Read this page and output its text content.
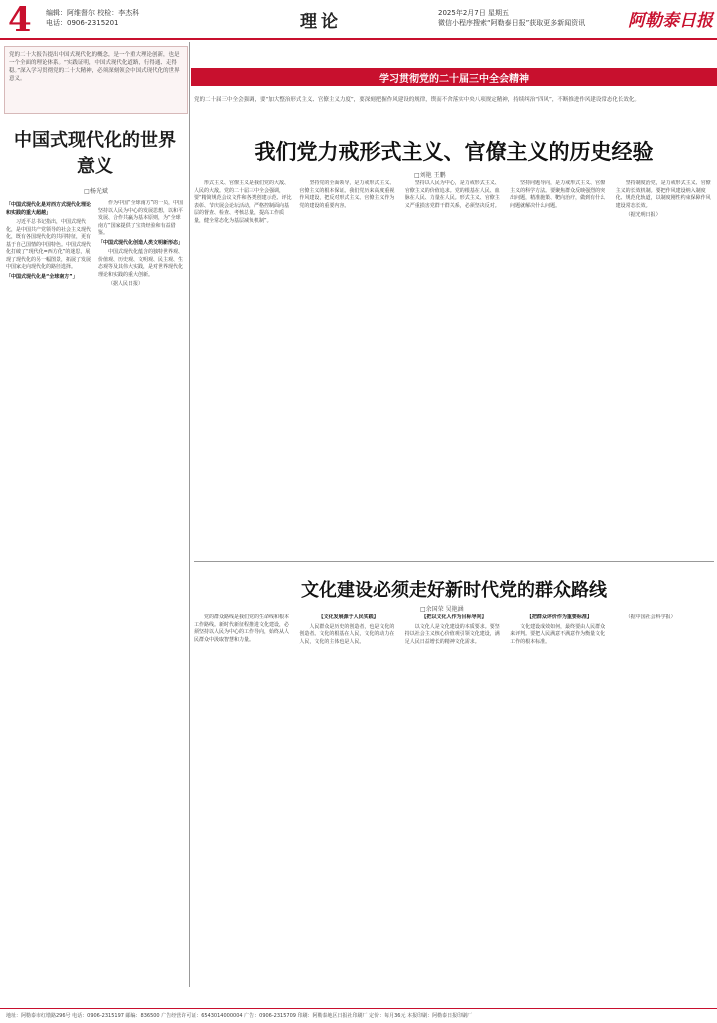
4 编辑：阿维督尔 校检：李杰科
电话：0906-2315201	理论	2025年2月7日 星期五
微信小程序搜索“阿勒泰日报”获取更多新闻资讯	阿勒泰日报
党的二十大报告提出中国式现代化的概念，是一个重大理论创新，也是一个全面的理论体系。“实践证明，中国式现代化道路，行得通、走得稳。”深入学习贯彻党的二十大精神，必须深刻领会中国式现代化的世界意义。
中国式现代化的世界意义
□杨光斌
「中国式现代化是对西方式现代化理论和实践的重大超越」

习近平总书记指出，中国式现代化，是中国共产党领导的社会主义现代化，既有各国现代化的共同特征，更有基于自己国情的中国特色。中国式现代化打破了“现代化=西方化”的迷思，展现了现代化的另一幅图景，拓展了发展中国家走向现代化的路径选择。

「中国式现代化是“全球南方”」

作为中国“全球南方”的一员，中国坚持以人民为中心的发展思想，以和平发展、合作共赢为基本原则，为“全球南方”国家提供了宝贵经验和有益借鉴。

「中国式现代化创造人类文明新形态」

中国式现代化蕴含的独特世界观、价值观、历史观、文明观、民主观、生态观等及其伟大实践，是对世界现代化理论和实践的重大创新。

（据人民日报）

学习贯彻党的二十届三中全会精神
党的二十届三中全会强调，要“加大整治形式主义、官僚主义力度”，要深刻把握作风建设的规律，锲而不舍落实中央八项规定精神，持续纠治“四风”，不断推进作风建设常态化长效化。
我们党力戒形式主义、官僚主义的历史经验
□刘艳 王鹏

形式主义、官僚主义是我们党的大敌、人民的大敌。党的二十届三中全会强调，要“精简规范会议文件和各类创建示范、评比表彰、节庆展会论坛活动，严格控制面向基层的督查、检查、考核总量，提高工作质量，健全常态化为基层减负机制”。

坚持党的全面领导，是力戒形式主义、官僚主义的根本保证。我们党历来高度重视作风建设，把反对形式主义、官僚主义作为党的建设的重要内容。

坚持以人民为中心，是力戒形式主义、官僚主义的价值追求。党的根基在人民、血脉在人民、力量在人民。形式主义、官僚主义严重损害党群干群关系，必须坚决反对。

坚持问题导向，是力戒形式主义、官僚主义的科学方法。要聚焦群众反映强烈的突出问题，精准施策、靶向治疗，做到有什么问题就解决什么问题。

坚持制度治党，是力戒形式主义、官僚主义的长效机制。要把作风建设纳入制度化、规范化轨道，以制度刚性约束保障作风建设常态长效。

（据光明日报）

文化建设必须走好新时代党的群众路线
□余国荣 吴艳涵

党的群众路线是我们党的生命线和根本工作路线。新时代新征程推进文化建设，必须坚持以人民为中心的工作导向，始终从人民群众中汲取智慧和力量。

【文化发展源于人民实践】

人民群众是历史的创造者，也是文化的创造者。文化的根基在人民，文化的动力在人民，文化的主体也是人民。

【把以文化人作为目标导向】

以文化人是文化建设的本质要求。要坚持以社会主义核心价值观引领文化建设，满足人民日益增长的精神文化需求。

【把群众评价作为重要标准】

文化建设成效如何，最终要由人民群众来评判。要把人民满意不满意作为衡量文化工作的根本标准。

（据中国社会科学报）

地址：阿勒泰市红墩路296号 电话：0906-2315197 邮编：836500 广告经营许可证：6543014000004 广告：0906-2315709 印刷：阿勒泰地区日报社印刷厂 定价：每月36元 本报印刷：阿勒泰日报印刷厂
